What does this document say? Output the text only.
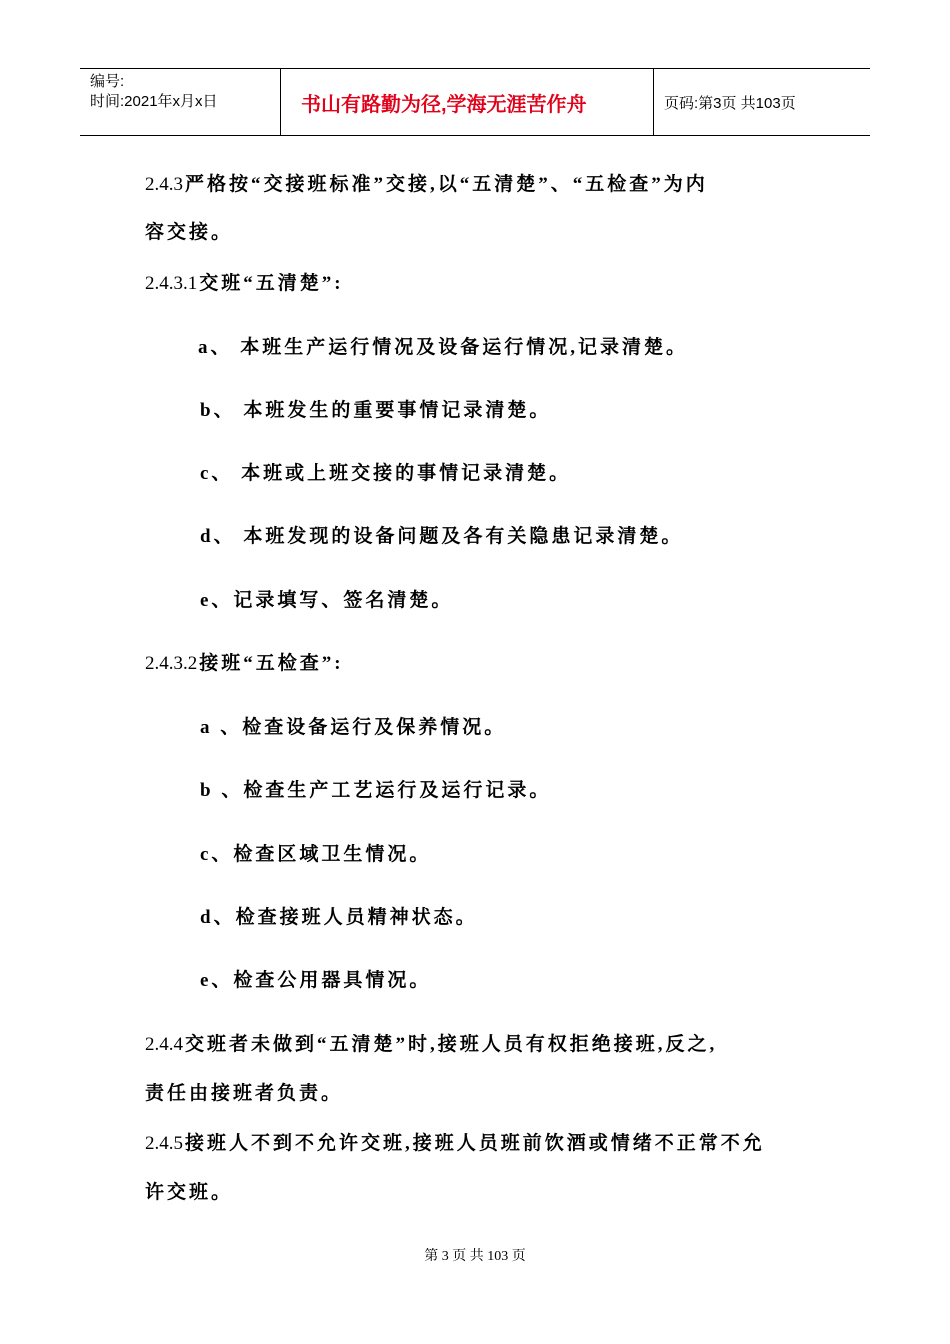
编号:
时间:2021年x月x日	书山有路勤为径,学海无涯苦作舟	页码:第3页 共103页
2.4.3 严格按“交接班标准”交接,以“五清楚”、“五检查”为内
容交接。
2.4.3.1 交班“五清楚”:
a、 本班生产运行情况及设备运行情况,记录清楚。
b、 本班发生的重要事情记录清楚。
c、 本班或上班交接的事情记录清楚。
d、 本班发现的设备问题及各有关隐患记录清楚。
e、记录填写、签名清楚。
2.4.3.2 接班“五检查”:
a 、检查设备运行及保养情况。
b 、检查生产工艺运行及运行记录。
c、检查区域卫生情况。
d、检查接班人员精神状态。
e、检查公用器具情况。
2.4.4 交班者未做到“五清楚”时,接班人员有权拒绝接班,反之,
责任由接班者负责。
2.4.5 接班人不到不允许交班,接班人员班前饮酒或情绪不正常不允
许交班。
第 3 页 共 103 页
